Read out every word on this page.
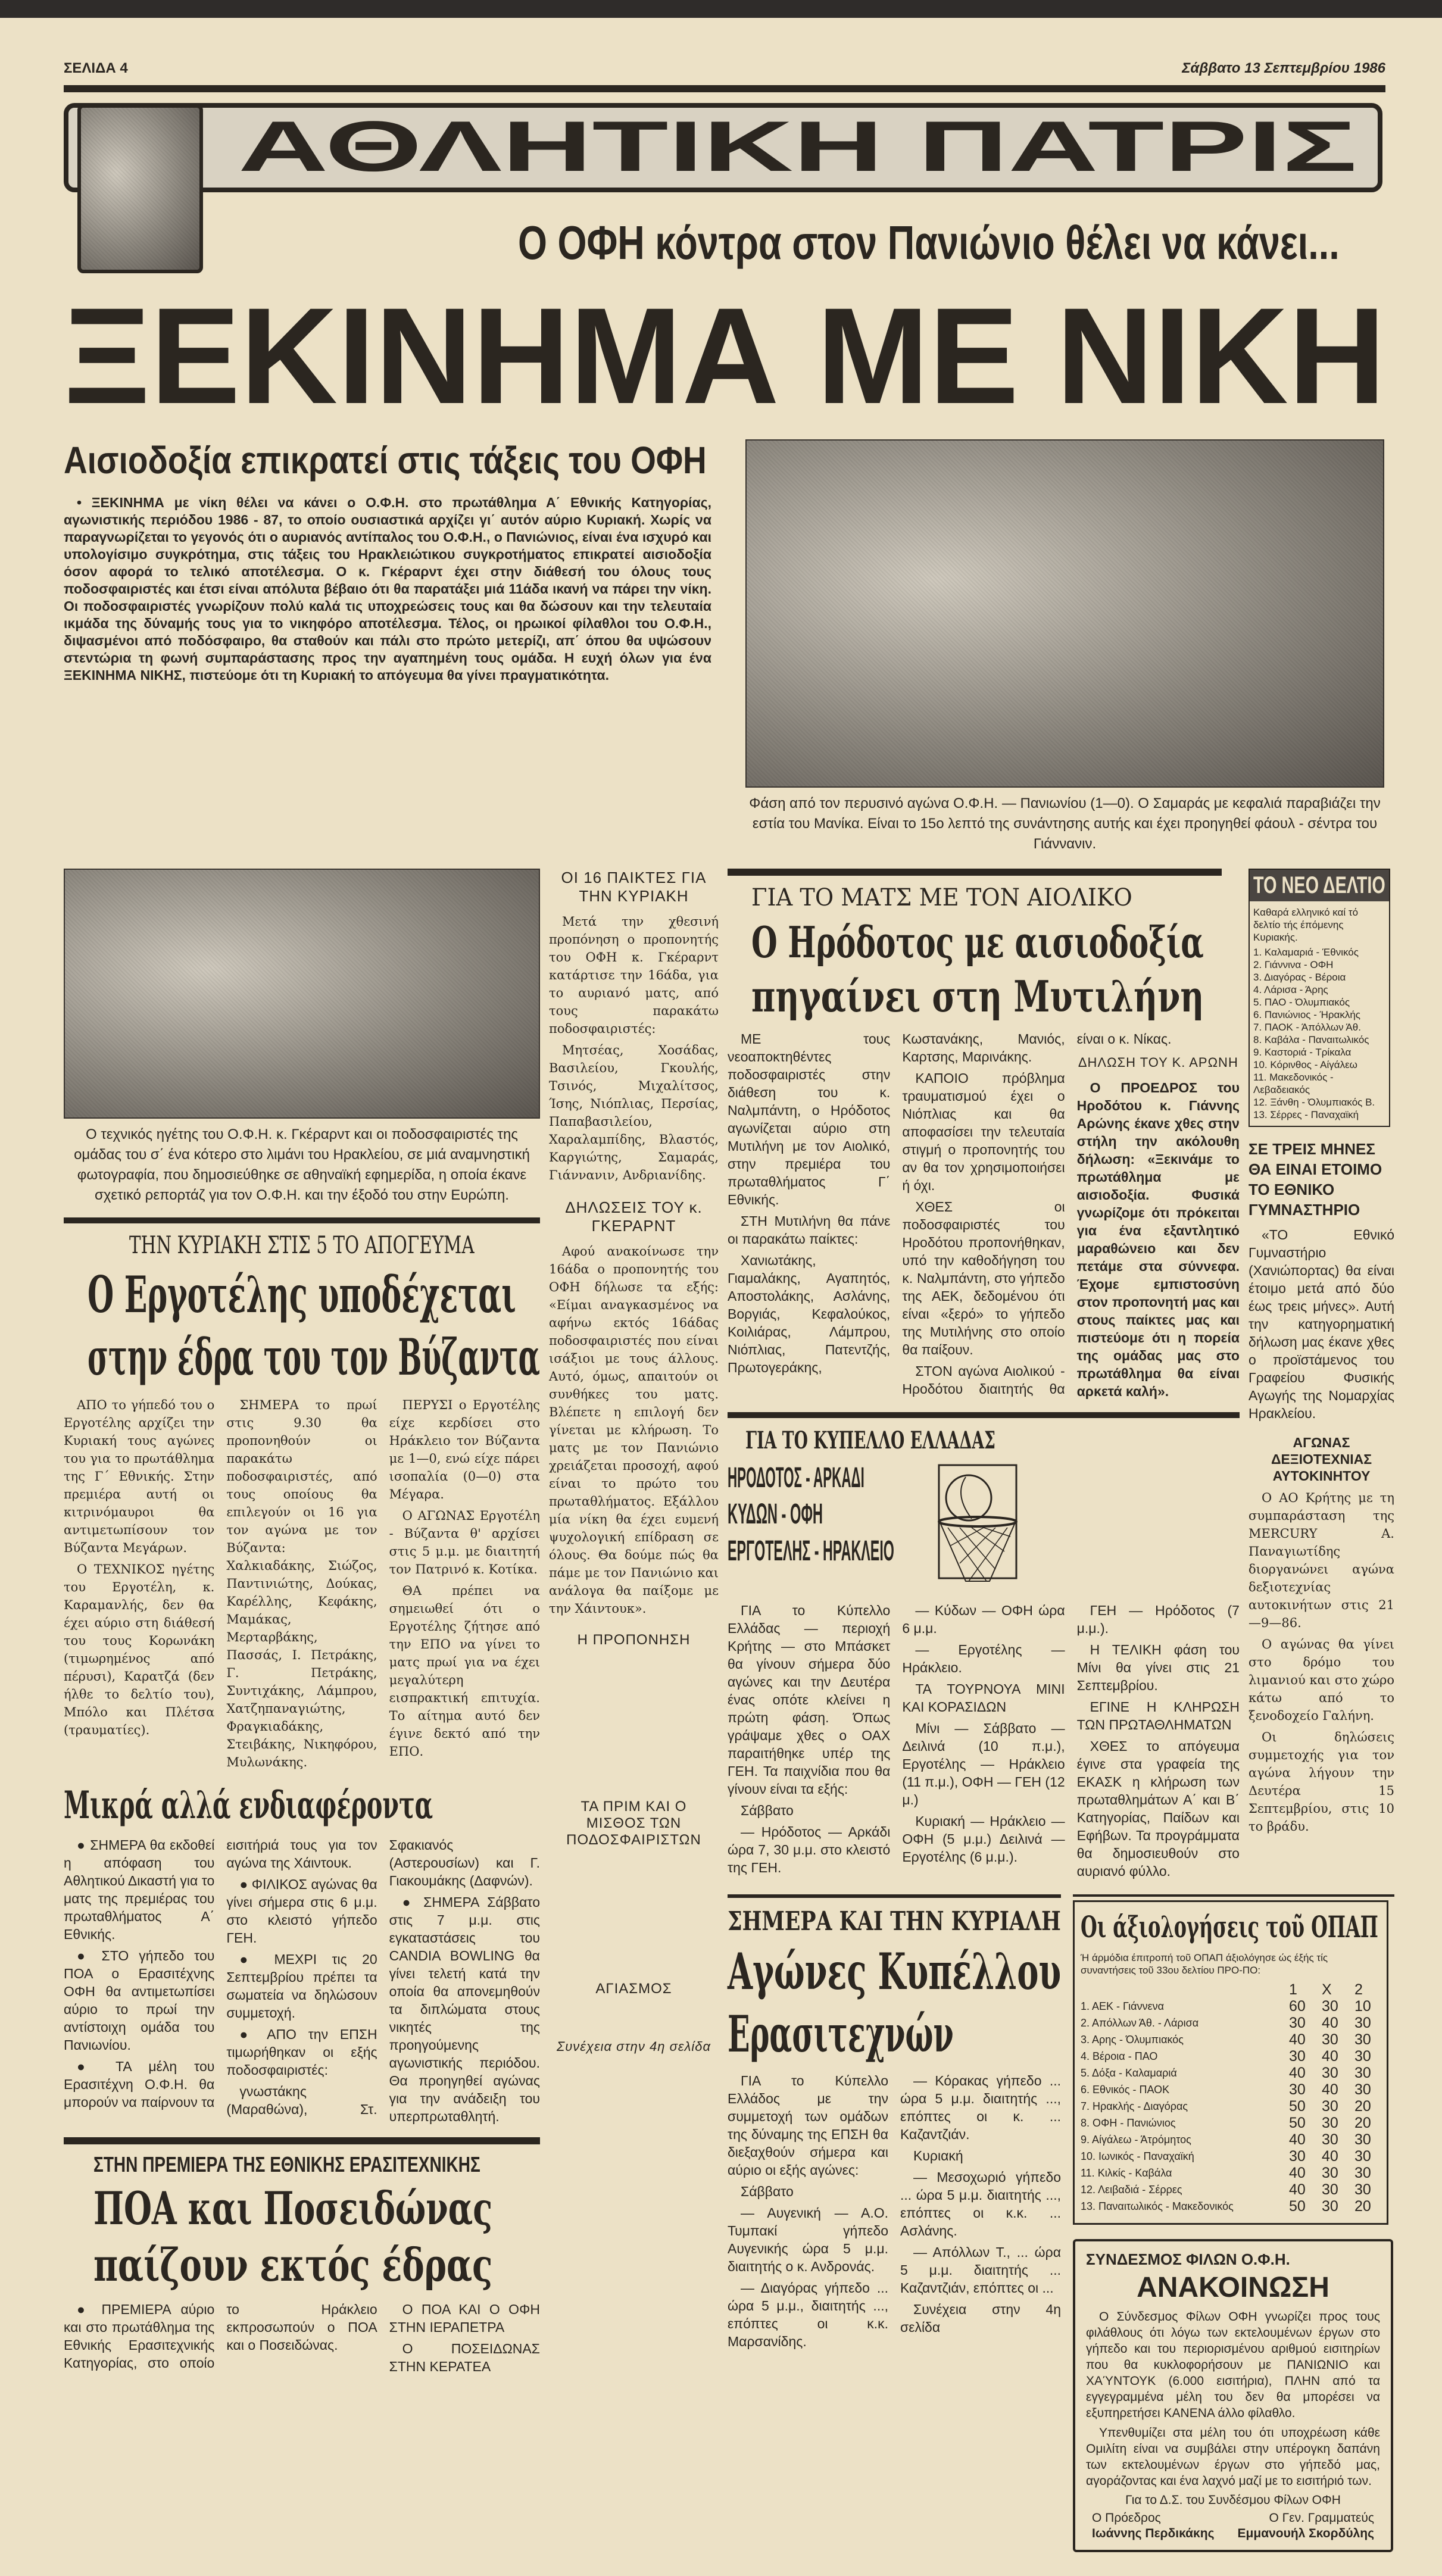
ΣΕΛΙΔΑ 4	Σάββατο 13 Σεπτεμβρίου 1986
ΑΘΛΗΤΙΚΗ ΠΑΤΡΙΣ
Ο ΟΦΗ κόντρα στον Πανιώνιο θέλει να κάνει...
ΞΕΚΙΝΗΜΑ ΜΕ ΝΙΚΗ
Αισιοδοξία επικρατεί στις τάξεις του ΟΦΗ

• ΞΕΚΙΝΗΜΑ με νίκη θέλει να κάνει ο Ο.Φ.Η. στο πρωτάθλημα Α΄ Εθνικής Κατηγορίας, αγωνιστικής περιόδου 1986 - 87, το οποίο ουσιαστικά αρχίζει γι΄ αυτόν αύριο Κυριακή. Χωρίς να παραγνωρίζεται το γεγονός ότι ο αυριανός αντίπαλος του Ο.Φ.Η., ο Πανιώνιος, είναι ένα ισχυρό και υπολογίσιμο συγκρότημα, στις τάξεις του Ηρακλειώτικου συγκροτήματος επικρατεί αισιοδοξία όσον αφορά το τελικό αποτέλεσμα. Ο κ. Γκέραρντ έχει στην διάθεσή του όλους τους ποδοσφαιριστές και έτσι είναι απόλυτα βέβαιο ότι θα παρατάξει μιά 11άδα ικανή να πάρει την νίκη. Οι ποδοσφαιριστές γνωρίζουν πολύ καλά τις υποχρεώσεις τους και θα δώσουν και την τελευταία ικμάδα της δύναμής τους για το νικηφόρο αποτέλεσμα. Τέλος, οι ηρωικοί φίλαθλοι του Ο.Φ.Η., διψασμένοι από ποδόσφαιρο, θα σταθούν και πάλι στο πρώτο μετερίζι, απ΄ όπου θα υψώσουν στεντώρια τη φωνή συμπαράστασης προς την αγαπημένη τους ομάδα. Η ευχή όλων για ένα ΞΕΚΙΝΗΜΑ ΝΙΚΗΣ, πιστεύομε ότι τη Κυριακή το απόγευμα θα γίνει πραγματικότητα.

Φάση από τον περυσινό αγώνα Ο.Φ.Η. — Πανιωνίου (1—0). Ο Σαμαράς με κεφαλιά παραβιάζει την εστία του Μανίκα. Είναι το 15ο λεπτό της συνάντησης αυτής και έχει προηγηθεί φάουλ - σέντρα του Γιάννανιν.
Ο τεχνικός ηγέτης του Ο.Φ.Η. κ. Γκέραρντ και οι ποδοσφαιριστές της ομάδας του σ΄ ένα κότερο στο λιμάνι του Ηρακλείου, σε μιά αναμνηστική φωτογραφία, που δημοσιεύθηκε σε αθηναϊκή εφημερίδα, η οποία έκανε σχετικό ρεπορτάζ για τον Ο.Φ.Η. και την έξοδό του στην Ευρώπη.
ΤΗΝ ΚΥΡΙΑΚΗ ΣΤΙΣ 5 ΤΟ ΑΠΟΓΕΥΜΑ
Ο Εργοτέλης υποδέχεται
στην έδρα του τον Βύζαντα

ΑΠΟ το γήπεδό του ο Εργοτέλης αρχίζει την Κυριακή τους αγώνες του για το πρωτάθλημα της Γ΄ Εθνικής. Στην πρεμιέρα αυτή οι κιτρινόμαυροι θα αντιμετωπίσουν τον Βύζαντα Μεγάρων.

Ο ΤΕΧΝΙΚΟΣ ηγέτης του Εργοτέλη, κ. Καραμανλής, δεν θα έχει αύριο στη διάθεσή του τους Κορωνάκη (τιμωρημένος από πέρυσι), Καρατζά (δεν ήλθε το δελτίο του), Μπόλο και Πλέτσα (τραυματίες).

ΣΗΜΕΡΑ το πρωί στις 9.30 θα προπονηθούν οι παρακάτω ποδοσφαιριστές, από τους οποίους θα επιλεγούν οι 16 για τον αγώνα με τον Βύζαντα: Χαλκιαδάκης, Σιώζος, Παντινιώτης, Δούκας, Καρέλλης, Κεφάκης, Μαμάκας, Μερταρβάκης, Πασσάς, Ι. Πετράκης, Γ. Πετράκης, Συντιχάκης, Λάμπρου, Χατζηπαναγιώτης, Φραγκιαδάκης, Στειβάκης, Νικηφόρου, Μυλωνάκης.

ΠΕΡΥΣΙ ο Εργοτέλης είχε κερδίσει στο Ηράκλειο τον Βύζαντα με 1—0, ενώ είχε πάρει ισοπαλία (0—0) στα Μέγαρα.

Ο ΑΓΩΝΑΣ Εργοτέλη - Βύζαντα θ' αρχίσει στις 5 μ.μ. με διαιτητή τον Πατρινό κ. Κοτίκα.

ΘΑ πρέπει να σημειωθεί ότι ο Εργοτέλης ζήτησε από την ΕΠΟ να γίνει το ματς πρωί για να έχει μεγαλύτερη εισπρακτική επιτυχία. Το αίτημα αυτό δεν έγινε δεκτό από την ΕΠΟ.

Μικρά αλλά ενδιαφέροντα

● ΣΗΜΕΡΑ θα εκδοθεί η απόφαση του Αθλητικού Δικαστή για το ματς της πρεμιέρας του πρωταθλήματος Α΄ Εθνικής.

● ΣΤΟ γήπεδο του ΠΟΑ ο Ερασιτέχνης ΟΦΗ θα αντιμετωπίσει αύριο το πρωί την αντίστοιχη ομάδα του Πανιωνίου.

● ΤΑ μέλη του Ερασιτέχνη Ο.Φ.Η. θα μπορούν να παίρνουν τα εισιτήριά τους για τον αγώνα της Χάιντουκ.

● ΦΙΛΙΚΟΣ αγώνας θα γίνει σήμερα στις 6 μ.μ. στο κλειστό γήπεδο ΓΕΗ.

● ΜΕΧΡΙ τις 20 Σεπτεμβρίου πρέπει τα σωματεία να δηλώσουν συμμετοχή.

● ΑΠΟ την ΕΠΣΗ τιμωρήθηκαν οι εξής ποδοσφαιριστές:

γνωστάκης (Μαραθώνα), Στ. Σφακιανός (Αστερουσίων) και Γ. Γιακουμάκης (Δαφνών).

● ΣΗΜΕΡΑ Σάββατο στις 7 μ.μ. στις εγκαταστάσεις του CANDIA BOWLING θα γίνει τελετή κατά την οποία θα απονεμηθούν τα διπλώματα στους νικητές της προηγούμενης αγωνιστικής περιόδου. Θα προηγηθεί αγώνας για την ανάδειξη του υπερπρωταθλητή.

ΣΤΗΝ ΠΡΕΜΙΕΡΑ ΤΗΣ ΕΘΝΙΚΗΣ ΕΡΑΣΙΤΕΧΝΙΚΗΣ
ΠΟΑ και Ποσειδώνας
παίζουν εκτός έδρας

● ΠΡΕΜΙΕΡΑ αύριο και στο πρωτάθλημα της Εθνικής Ερασιτεχνικής Κατηγορίας, στο οποίο το Ηράκλειο εκπροσωπούν ο ΠΟΑ και ο Ποσειδώνας.

Ο ΠΟΑ ΚΑΙ Ο ΟΦΗ ΣΤΗΝ ΙΕΡΑΠΕΤΡΑ

Ο ΠΟΣΕΙΔΩΝΑΣ ΣΤΗΝ ΚΕΡΑΤΕΑ

ΟΙ 16 ΠΑΙΚΤΕΣ ΓΙΑ ΤΗΝ ΚΥΡΙΑΚΗ

Μετά την χθεσινή προπόνηση ο προπονητής του ΟΦΗ κ. Γκέραρντ κατάρτισε την 16άδα, για το αυριανό ματς, από τους παρακάτω ποδοσφαιριστές:

Μητσέας, Χοσάδας, Βασιλείου, Γκουλής, Τσινός, Μιχαλίτσος, Ίσης, Νιόπλιας, Περσίας, Παπαβασιλείου, Χαραλαμπίδης, Βλαστός, Καργιώτης, Σαμαράς, Γιάννανιν, Ανδριανίδης.

ΔΗΛΩΣΕΙΣ ΤΟΥ κ. ΓΚΕΡΑΡΝΤ

Αφού ανακοίνωσε την 16άδα ο προπονητής του ΟΦΗ δήλωσε τα εξής: «Είμαι αναγκασμένος να αφήνω εκτός 16άδας ποδοσφαιριστές που είναι ισάξιοι με τους άλλους. Αυτό, όμως, απαιτούν οι συνθήκες του ματς. Βλέπετε η επιλογή δεν γίνεται με κλήρωση. Το ματς με τον Πανιώνιο χρειάζεται προσοχή, αφού είναι το πρώτο του πρωταθλήματος. Εξάλλου μία νίκη θα έχει ευμενή ψυχολογική επίδραση σε όλους. Θα δούμε πώς θα πάμε με τον Πανιώνιο και ανάλογα θα παίξομε με την Χάιντουκ».

Η ΠΡΟΠΟΝΗΣΗ
ΤΑ ΠΡΙΜ ΚΑΙ Ο ΜΙΣΘΟΣ ΤΩΝ ΠΟΔΟΣΦΑΙΡΙΣΤΩΝ
ΑΓΙΑΣΜΟΣ
Συνέχεια στην 4η σελίδα
ΓΙΑ ΤΟ ΜΑΤΣ ΜΕ ΤΟΝ ΑΙΟΛΙΚΟ
Ο Ηρόδοτος με αισιοδοξία
πηγαίνει στη Μυτιλήνη

ΜΕ τους νεοαποκτηθέντες ποδοσφαιριστές στην διάθεση του κ. Ναλμπάντη, ο Ηρόδοτος αγωνίζεται αύριο στη Μυτιλήνη με τον Αιολικό, στην πρεμιέρα του πρωταθλήματος Γ΄ Εθνικής.

ΣΤΗ Μυτιλήνη θα πάνε οι παρακάτω παίκτες:

Χανιωτάκης, Γιαμαλάκης, Αγαπητός, Αποστολάκης, Ασλάνης, Βοργιάς, Κεφαλούκος, Κοιλιάρας, Λάμπρου, Νιόπλιας, Πατεντζής, Πρωτογεράκης, Κωστανάκης, Μανιός, Καρτσης, Μαρινάκης.

ΚΑΠΟΙΟ πρόβλημα τραυματισμού έχει ο Νιόπλιας και θα αποφασίσει την τελευταία στιγμή ο προπονητής του αν θα τον χρησιμοποιήσει ή όχι.

ΧΘΕΣ οι ποδοσφαιριστές του Ηροδότου προπονήθηκαν, υπό την καθοδήγηση του κ. Ναλμπάντη, στο γήπεδο της ΑΕΚ, δεδομένου ότι είναι «ξερό» το γήπεδο της Μυτιλήνης στο οποίο θα παίξουν.

ΣΤΟΝ αγώνα Αιολικού - Ηροδότου διαιτητής θα είναι ο κ. Νίκας.

ΔΗΛΩΣΗ ΤΟΥ Κ. ΑΡΩΝΗ

Ο ΠΡΟΕΔΡΟΣ του Ηροδότου κ. Γιάννης Αρώνης έκανε χθες στην στήλη την ακόλουθη δήλωση: «Ξεκινάμε το πρωτάθλημα με αισιοδοξία. Φυσικά γνωρίζομε ότι πρόκειται για ένα εξαντλητικό μαραθώνειο και δεν πετάμε στα σύννεφα. Έχομε εμπιστοσύνη στον προπονητή μας και στους παίκτες μας και πιστεύομε ότι η πορεία της ομάδας μας στο πρωτάθλημα θα είναι αρκετά καλή».

ΓΙΑ ΤΟ ΚΥΠΕΛΛΟ ΕΛΛΑΔΑΣ
ΗΡΟΔΟΤΟΣ - ΑΡΚΑΔΙ
ΚΥΔΩΝ - ΟΦΗ
ΕΡΓΟΤΕΛΗΣ - ΗΡΑΚΛΕΙΟ

ΓΙΑ το Κύπελλο Ελλάδας — περιοχή Κρήτης — στο Μπάσκετ θα γίνουν σήμερα δύο αγώνες και την Δευτέρα ένας οπότε κλείνει η πρώτη φάση. Όπως γράψαμε χθες ο ΟΑΧ παραιτήθηκε υπέρ της ΓΕΗ. Τα παιχνίδια που θα γίνουν είναι τα εξής:

Σάββατο

— Ηρόδοτος — Αρκάδι ώρα 7, 30 μ.μ. στο κλειστό της ΓΕΗ.

— Κύδων — ΟΦΗ ώρα 6 μ.μ.

— Εργοτέλης — Ηράκλειο.

ΤΑ ΤΟΥΡΝΟΥΑ ΜΙΝΙ ΚΑΙ ΚΟΡΑΣΙΔΩΝ

Μίνι — Σάββατο — Δειλινά (10 π.μ.), Εργοτέλης — Ηράκλειο (11 π.μ.), ΟΦΗ — ΓΕΗ (12 μ.)

Κυριακή — Ηράκλειο — ΟΦΗ (5 μ.μ.) Δειλινά — Εργοτέλης (6 μ.μ.).

ΓΕΗ — Ηρόδοτος (7 μ.μ.).

Η ΤΕΛΙΚΗ φάση του Μίνι θα γίνει στις 21 Σεπτεμβρίου.

ΕΓΙΝΕ Η ΚΛΗΡΩΣΗ ΤΩΝ ΠΡΩΤΑΘΛΗΜΑΤΩΝ

ΧΘΕΣ το απόγευμα έγινε στα γραφεία της ΕΚΑΣΚ η κλήρωση των πρωταθλημάτων Α΄ και Β΄ Κατηγορίας, Παίδων και Εφήβων. Τα προγράμματα θα δημοσιευθούν στο αυριανό φύλλο.

ΤΟ ΝΕΟ ΔΕΛΤΙΟ
Καθαρά ελληνικό καί τό δελτίο τής έπόμενης Κυριακής.
1. Καλαμαριά - Έθνικός
2. Γιάννινα - ΟΦΗ
3. Διαγόρας - Βέροια
4. Λάρισα - Άρης
5. ΠΑΟ - Όλυμπιακός
6. Πανιώνιος - Ήρακλής
7. ΠΑΟΚ - Άπόλλων Άθ.
8. Καβάλα - Παναιτωλικός
9. Καστοριά - Τρίκαλα
10. Κόρινθος - Αίγάλεω
11. Μακεδονικός - Λεβαδειακός
12. Ξάνθη - Όλυμπιακός Β.
13. Σέρρες - Παναχαϊκή
ΣΕ ΤΡΕΙΣ ΜΗΝΕΣ ΘΑ ΕΙΝΑΙ ΕΤΟΙΜΟ ΤΟ ΕΘΝΙΚΟ ΓΥΜΝΑΣΤΗΡΙΟ

«ΤΟ Εθνικό Γυμναστήριο (Χανιώπορτας) θα είναι έτοιμο μετά από δύο έως τρεις μήνες». Αυτή την κατηγορηματική δήλωση μας έκανε χθες ο προϊστάμενος του Γραφείου Φυσικής Αγωγής της Νομαρχίας Ηρακλείου.

ΑΓΩΝΑΣ ΔΕΞΙΟΤΕΧΝΙΑΣ ΑΥΤΟΚΙΝΗΤΟΥ

Ο ΑΟ Κρήτης με τη συμπαράσταση της MERCURY Α. Παναγιωτίδης διοργανώνει αγώνα δεξιοτεχνίας αυτοκινήτων στις 21—9—86.

Ο αγώνας θα γίνει στο δρόμο του λιμανιού και στο χώρο κάτω από το ξενοδοχείο Γαλήνη.

Οι δηλώσεις συμμετοχής για τον αγώνα λήγουν την Δευτέρα 15 Σεπτεμβρίου, στις 10 το βράδυ.

ΣΗΜΕΡΑ ΚΑΙ ΤΗΝ ΚΥΡΙΑΛΗ
Αγώνες Κυπέλλου
Ερασιτεχνών

ΓΙΑ το Κύπελλο Ελλάδος με την συμμετοχή των ομάδων της δύναμης της ΕΠΣΗ θα διεξαχθούν σήμερα και αύριο οι εξής αγώνες:

Σάββατο

— Αυγενική — Α.Ο. Τυμπακί γήπεδο Αυγενικής ώρα 5 μ.μ. διαιτητής ο κ. Ανδρονάς.

— Διαγόρας γήπεδο ... ώρα 5 μ.μ., διαιτητής ..., επόπτες οι κ.κ. Μαρσανίδης.

— Κόρακας γήπεδο ... ώρα 5 μ.μ. διαιτητής ..., επόπτες οι κ. ... Καζαντζιάν.

Κυριακή

— Μεσοχωριό γήπεδο ... ώρα 5 μ.μ. διαιτητής ..., επόπτες οι κ.κ. ... Ασλάνης.

— Απόλλων Τ., ... ώρα 5 μ.μ. διαιτητής ... Καζαντζιάν, επόπτες οι ...

Συνέχεια στην 4η σελίδα

Οι άξιολογήσεις τοῦ ΟΠΑΠ
Ή άρμόδια έπιτροπή τοῦ ΟΠΑΠ άξιολόγησε ώς έξής τίς συναντήσεις τοῦ 33ου δελτίου ΠΡΟ-ΠΟ:
	1	Χ	2
1. ΑΕΚ - Γιάννενα	60	30	10
2. Απόλλων Άθ. - Λάρισα	30	40	30
3. Αρης - Όλυμπιακός	40	30	30
4. Βέροια - ΠΑΟ	30	40	30
5. Δόξα - Καλαμαριά	40	30	30
6. Εθνικός - ΠΑΟΚ	30	40	30
7. Ηρακλής - Διαγόρας	50	30	20
8. ΟΦΗ - Πανιώνιος	50	30	20
9. Αίγάλεω - Άτρόμητος	40	30	30
10. Ιωνικός - Παναχαϊκή	30	40	30
11. Κιλκίς - Καβάλα	40	30	30
12. Λειβαδιά - Σέρρες	40	30	30
13. Παναιτωλικός - Μακεδονικός	50	30	20
ΣΥΝΔΕΣΜΟΣ ΦΙΛΩΝ Ο.Φ.Η.
ΑΝΑΚΟΙΝΩΣΗ

Ο Σύνδεσμος Φίλων ΟΦΗ γνωρίζει προς τους φιλάθλους ότι λόγω των εκτελουμένων έργων στο γήπεδο και του περιορισμένου αριθμού εισιτηρίων που θα κυκλοφορήσουν με ΠΑΝΙΩΝΙΟ και ΧΑΎΝΤΟΥΚ (6.000 εισιτήρια), ΠΛΗΝ από τα εγγεγραμμένα μέλη του δεν θα μπορέσει να εξυπηρετήσει ΚΑΝΕΝΑ άλλο φίλαθλο.

Υπενθυμίζει στα μέλη του ότι υποχρέωση κάθε Ομιλίτη είναι να συμβάλει στην υπέρογκη δαπάνη των εκτελουμένων έργων στο γήπεδό μας, αγοράζοντας και ένα λαχνό μαζί με το εισιτήριό των.

Για το Δ.Σ. του Συνδέσμου Φίλων ΟΦΗ
Ο Πρόεδρος
Ιωάννης Περδικάκης
Ο Γεν. Γραμματεύς
Εμμανουήλ Σκορδύλης
